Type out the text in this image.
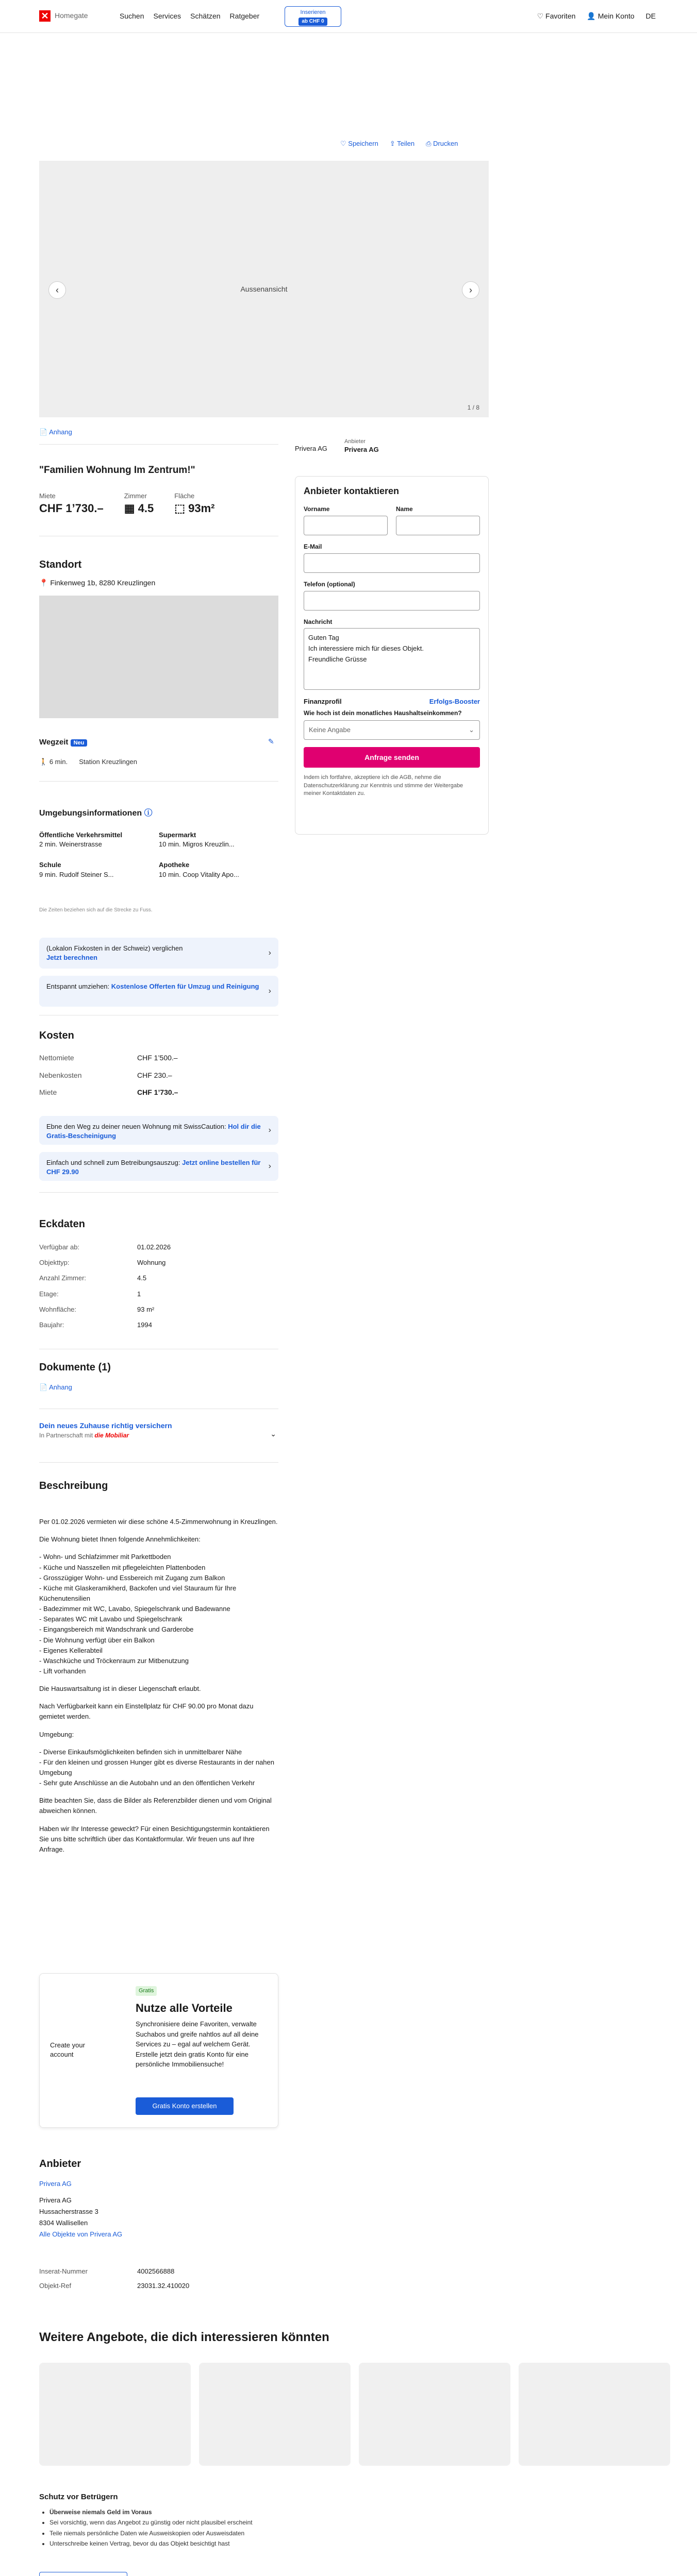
✕ Homegate	Suchen Services Schätzen Ratgeber	Inserieren
ab CHF 0
♡ Favoriten 👤 Mein Konto DE
♡ Speichern ⇪ Teilen ⎙ Drucken
Aussenansicht
‹	›
1 / 8
📄 Anhang
"Familien Wohnung Im Zentrum!"
Miete
CHF 1’730.–
Zimmer
▦ 4.5
Fläche
⬚ 93m²
Privera AG
Anbieter
Privera AG
Anbieter kontaktieren
Vorname	Name
E-Mail
Telefon (optional)
Nachricht
Guten Tag
Ich interessiere mich für dieses Objekt.
Freundliche Grüsse
Finanzprofil	Erfolgs-Booster
Wie hoch ist dein monatliches Haushaltseinkommen?
Keine Angabe	⌄
Anfrage senden
Indem ich fortfahre, akzeptiere ich die AGB, nehme die Datenschutzerklärung zur Kenntnis und stimme der Weitergabe meiner Kontaktdaten zu.
Standort
📍 Finkenweg 1b, 8280 Kreuzlingen
Wegzeit Neu	✎
🚶 6 min. Station Kreuzlingen
Umgebungsinformationen ⓘ
Öffentliche Verkehrsmittel
2 min. Weinerstrasse
Supermarkt
10 min. Migros Kreuzlin...
Schule
9 min. Rudolf Steiner S...
Apotheke
10 min. Coop Vitality Apo...
Die Zeiten beziehen sich auf die Strecke zu Fuss.
(Lokalon Fixkosten in der Schweiz) verglichen
Jetzt berechnen
›
Entspannt umziehen: Kostenlose Offerten für Umzug und Reinigung
›
Kosten
Nettomiete	CHF 1’500.–
Nebenkosten	CHF 230.–
Miete	CHF 1’730.–
Ebne den Weg zu deiner neuen Wohnung mit SwissCaution: Hol dir die Gratis-Bescheinigung
›
Einfach und schnell zum Betreibungsauszug: Jetzt online bestellen für CHF 29.90
›
Eckdaten
Verfügbar ab:	01.02.2026
Objekttyp:	Wohnung
Anzahl Zimmer:	4.5
Etage:	1
Wohnfläche:	93 m²
Baujahr:	1994
Dokumente (1)
📄 Anhang
Dein neues Zuhause richtig versichern
In Partnerschaft mit die Mobiliar	⌄
Beschreibung

Per 01.02.2026 vermieten wir diese schöne 4.5-Zimmerwohnung in Kreuzlingen.

Die Wohnung bietet Ihnen folgende Annehmlichkeiten:

- Wohn- und Schlafzimmer mit Parkettboden
- Küche und Nasszellen mit pflegeleichten Plattenboden
- Grosszügiger Wohn- und Essbereich mit Zugang zum Balkon
- Küche mit Glaskeramikherd, Backofen und viel Stauraum für Ihre Küchenutensilien
- Badezimmer mit WC, Lavabo, Spiegelschrank und Badewanne
- Separates WC mit Lavabo und Spiegelschrank
- Eingangsbereich mit Wandschrank und Garderobe
- Die Wohnung verfügt über ein Balkon
- Eigenes Kellerabteil
- Waschküche und Tröckenraum zur Mitbenutzung
- Lift vorhanden

Die Hauswartsaltung ist in dieser Liegenschaft erlaubt.

Nach Verfügbarkeit kann ein Einstellplatz für CHF 90.00 pro Monat dazu gemietet werden.

Umgebung:

- Diverse Einkaufsmöglichkeiten befinden sich in unmittelbarer Nähe
- Für den kleinen und grossen Hunger gibt es diverse Restaurants in der nahen Umgebung
- Sehr gute Anschlüsse an die Autobahn und an den öffentlichen Verkehr

Bitte beachten Sie, dass die Bilder als Referenzbilder dienen und vom Original abweichen können.

Haben wir Ihr Interesse geweckt? Für einen Besichtigungstermin kontaktieren Sie uns bitte schriftlich über das Kontaktformular. Wir freuen uns auf Ihre Anfrage.

Create your account
Gratis
Nutze alle Vorteile
Synchronisiere deine Favoriten, verwalte Suchabos und greife nahtlos auf all deine Services zu – egal auf welchem Gerät. Erstelle jetzt dein gratis Konto für eine persönliche Immobiliensuche!
Gratis Konto erstellen
Anbieter
Privera AG
Privera AG
Hussacherstrasse 3
8304 Wallisellen
Alle Objekte von Privera AG
Inserat-Nummer	4002566888
Objekt-Ref	23031.32.410020
Weitere Angebote, die dich interessieren könnten
Schutz vor Betrügern
• Überweise niemals Geld im Voraus
• Sei vorsichtig, wenn das Angebot zu günstig oder nicht plausibel erscheint
• Teile niemals persönliche Daten wie Ausweiskopien oder Ausweisdaten
• Unterschreibe keinen Vertrag, bevor du das Objekt besichtigt hast
